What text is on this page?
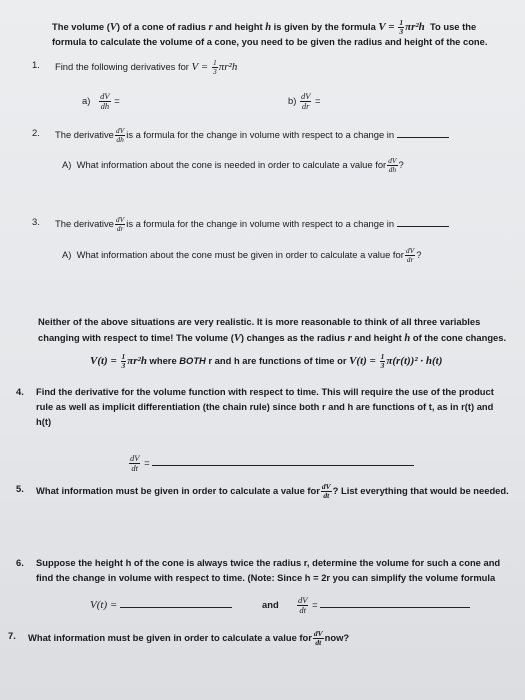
The volume (V) of a cone of radius r and height h is given by the formula $V = \frac{1}{3} \pi r^2h$ To use the
formula to calculate the volume of a cone, you need to be given the radius and height of the cone.
1. Find the following derivatives for $V = \frac{1}{3} \pi r^2h$
$a) \frac{dV}{dh}$ =	$b) \frac{dV}{dr}$ =
2. The derivative $\frac{dV}{dh}$ is a formula for the change in volume with respect to a change in
A) What information about the cone is needed in order to calculate a value for $\frac{dV}{dh}$ ?
3. The derivative $\frac{dV}{dr}$ is a formula for the change in volume with respect to a change in
A) What information about the cone must be given in order to calculate a value for $\frac{dV}{dr}$ ?
Neither of the above situations are very realistic. It is more reasonable to think of all three variables
changing with respect to time! The volume (V) changes as the radius r and height h of the cone changes.
$V(t) = \frac{1}{3} \pi r^2h$ where BOTH r and h are functions of time or $V(t) = \frac{1}{3} \pi(r(t))^2 \cdot h(t)$
4. Find the derivative for the volume function with respect to time. This will require the use of the product
rule as well as implicit differentiation (the chain rule) since both r and h are functions of t, as in r(t) and
h(t)
$\frac{dV}{dt}$ =
5. What information must be given in order to calculate a value for $\frac{dV}{dt}$ ? List everything that would be needed.
6. Suppose the height h of the cone is always twice the radius r, determine the volume for such a cone and
find the change in volume with respect to time. (Note: Since h = 2r you can simplify the volume formula
V(t) =	and $\frac{dV}{dt}$ =
7. What information must be given in order to calculate a value for $\frac{dV}{dt}$ now?
